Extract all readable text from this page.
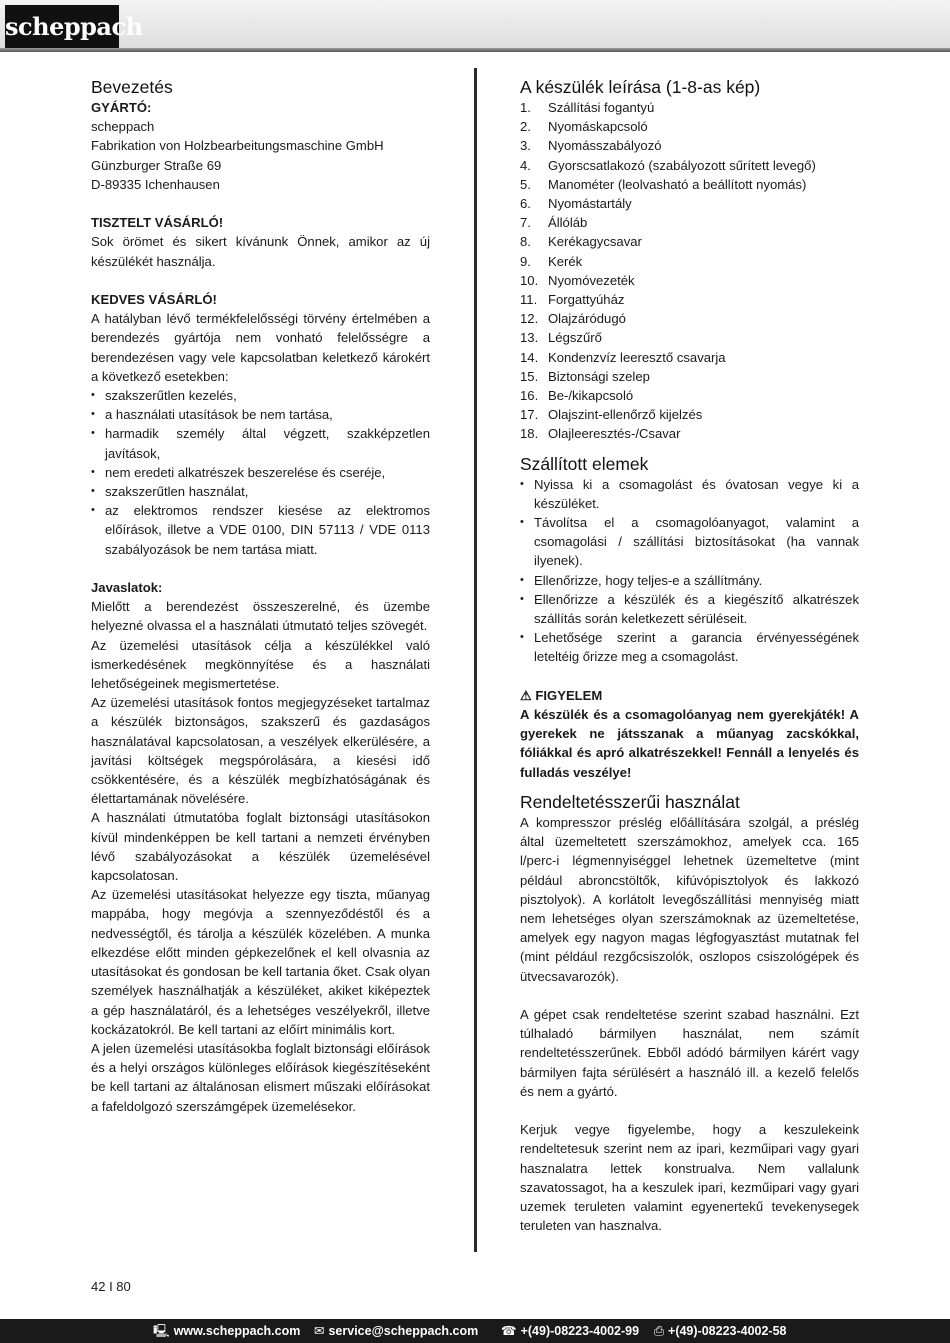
scheppach
Bevezetés
GYÁRTÓ:
scheppach
Fabrikation von Holzbearbeitungsmaschine GmbH
Günzburger Straße 69
D-89335 Ichenhausen
TISZTELT VÁSÁRLÓ!

Sok örömet és sikert kívánunk Önnek, amikor az új készülékét használja.

KEDVES VÁSÁRLÓ!

A hatályban lévő termékfelelősségi törvény értelmében a berendezés gyártója nem vonható felelősségre a berendezésen vagy vele kapcsolatban keletkező károkért a következő esetekben:

• szakszerűtlen kezelés,
• a használati utasítások be nem tartása,
• harmadik személy által végzett, szakképzetlen javítások,
• nem eredeti alkatrészek beszerelése és cseréje,
• szakszerűtlen használat,
• az elektromos rendszer kiesése az elektromos előírások, illetve a VDE 0100, DIN 57113 / VDE 0113 szabályozások be nem tartása miatt.
Javaslatok:

Mielőtt a berendezést összeszerelné, és üzembe helyezné olvassa el a használati útmutató teljes szövegét.

Az üzemelési utasítások célja a készülékkel való ismerkedésének megkönnyítése és a használati lehetőségeinek megismertetése.

Az üzemelési utasítások fontos megjegyzéseket tartalmaz a készülék biztonságos, szakszerű és gazdaságos használatával kapcsolatosan, a veszélyek elkerülésére, a javítási költségek megspórolására, a kiesési idő csökkentésére, és a készülék megbízhatóságának és élettartamának növelésére.

A használati útmutatóba foglalt biztonsági utasításokon kívül mindenképpen be kell tartani a nemzeti érvényben lévő szabályozásokat a készülék üzemelésével kapcsolatosan.

Az üzemelési utasításokat helyezze egy tiszta, műanyag mappába, hogy megóvja a szennyeződéstől és a nedvességtől, és tárolja a készülék közelében. A munka elkezdése előtt minden gépkezelőnek el kell olvasnia az utasításokat és gondosan be kell tartania őket. Csak olyan személyek használhatják a készüléket, akiket kiképeztek a gép használatáról, és a lehetséges veszélyekről, illetve kockázatokról. Be kell tartani az előírt minimális kort.

A jelen üzemelési utasításokba foglalt biztonsági előírások és a helyi országos különleges előírások kiegészítéseként be kell tartani az általánosan elismert műszaki előírásokat a fafeldolgozó szerszámgépek üzemelésekor.

A készülék leírása (1-8-as kép)
1.	Szállítási fogantyú
2.	Nyomáskapcsoló
3.	Nyomásszabályozó
4.	Gyorscsatlakozó (szabályozott sűrített levegő)
5.	Manométer (leolvasható a beállított nyomás)
6.	Nyomástartály
7.	Állóláb
8.	Kerékagycsavar
9.	Kerék
10. Nyomóvezeték
11. Forgattyúház
12. Olajzáródugó
13. Légszűrő
14. Kondenzvíz leeresztő csavarja
15. Biztonsági szelep
16. Be-/kikapcsoló
17. Olajszint-ellenőrző kijelzés
18. Olajleeresztés-/Csavar
Szállított elemek
• Nyissa ki a csomagolást és óvatosan vegye ki a készüléket.
• Távolítsa el a csomagolóanyagot, valamint a csomagolási / szállítási biztosításokat (ha vannak ilyenek).
• Ellenőrizze, hogy teljes-e a szállítmány.
• Ellenőrizze a készülék és a kiegészítő alkatrészek szállítás során keletkezett sérüléseit.
• Lehetősége szerint a garancia érvényességének leteltéig őrizze meg a csomagolást.
⚠ FIGYELEM

A készülék és a csomagolóanyag nem gyerekjáték! A gyerekek ne játsszanak a műanyag zacskókkal, fóliákkal és apró alkatrészekkel! Fennáll a lenyelés és fulladás veszélye!

Rendeltetésszerűi használat

A kompresszor préslég előállítására szolgál, a préslég által üzemeltetett szerszámokhoz, amelyek cca. 165 l/perc-i légmennyiséggel lehetnek üzemeltetve (mint például abroncstöltők, kifúvópisztolyok és lakkozó pisztolyok). A korlátolt levegőszállítási mennyiség miatt nem lehetséges olyan szerszámoknak az üzemeltetése, amelyek egy nagyon magas légfogyasztást mutatnak fel (mint például rezgőcsiszolók, oszlopos csiszológépek és ütvecsavarozók).

A gépet csak rendeltetése szerint szabad használni. Ezt túlhaladó bármilyen használat, nem számít rendeltetésszerűnek. Ebből adódó bármilyen kárért vagy bármilyen fajta sérülésért a használó ill. a kezelő felelős és nem a gyártó.

Kerjuk vegye figyelembe, hogy a keszulekeink rendeltetesuk szerint nem az ipari, kezműipari vagy gyari hasznalatra lettek konstrualva. Nem vallalunk szavatossagot, ha a keszulek ipari, kezműipari vagy gyari uzemek teruleten valamint egyenertekű tevekenysegek teruleten van hasznalva.

42 I 80
🖳 www.scheppach.com ✉ service@scheppach.com ☎ +(49)-08223-4002-99 ⎙ +(49)-08223-4002-58
